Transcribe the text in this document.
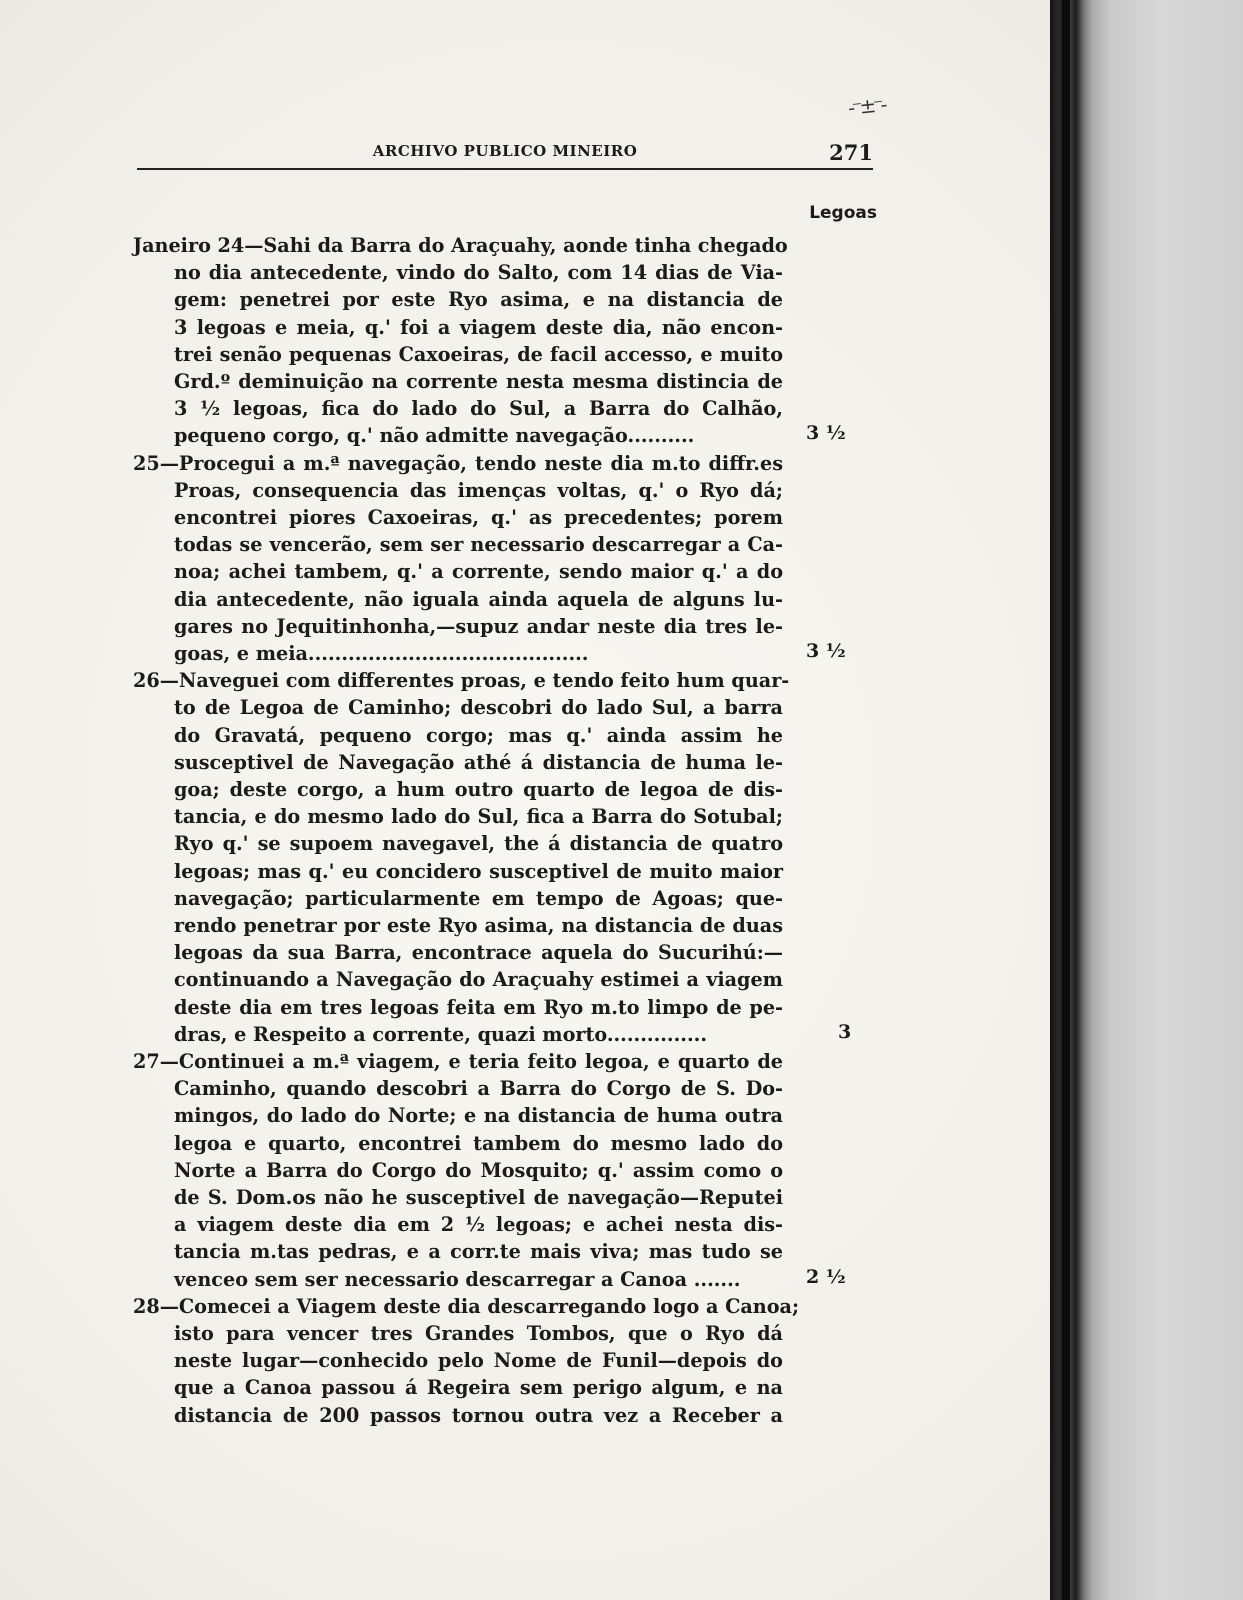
-⁻±⁻-
ARCHIVO PUBLICO MINEIRO	271
Legoas
Janeiro 24—Sahi da Barra do Araçuahy, aonde tinha chegado
no dia antecedente, vindo do Salto, com 14 dias de Via-
gem: penetrei por este Ryo asima, e na distancia de
3 legoas e meia, q.' foi a viagem deste dia, não encon-
trei senão pequenas Caxoeiras, de facil accesso, e muito
Grd.º deminuição na corrente nesta mesma distincia de
3 ½ legoas, fica do lado do Sul, a Barra do Calhão,
pequeno corgo, q.' não admitte navegação..........	3 ½
25—Procegui a m.ª navegação, tendo neste dia m.to diffr.es
Proas, consequencia das imenças voltas, q.' o Ryo dá;
encontrei piores Caxoeiras, q.' as precedentes; porem
todas se vencerão, sem ser necessario descarregar a Ca-
noa; achei tambem, q.' a corrente, sendo maior q.' a do
dia antecedente, não iguala ainda aquela de alguns lu-
gares no Jequitinhonha,—supuz andar neste dia tres le-
goas, e meia..........................................	3 ½
26—Naveguei com differentes proas, e tendo feito hum quar-
to de Legoa de Caminho; descobri do lado Sul, a barra
do Gravatá, pequeno corgo; mas q.' ainda assim he
susceptivel de Navegação athé á distancia de huma le-
goa; deste corgo, a hum outro quarto de legoa de dis-
tancia, e do mesmo lado do Sul, fica a Barra do Sotubal;
Ryo q.' se supoem navegavel, the á distancia de quatro
legoas; mas q.' eu concidero susceptivel de muito maior
navegação; particularmente em tempo de Agoas; que-
rendo penetrar por este Ryo asima, na distancia de duas
legoas da sua Barra, encontrace aquela do Sucurihú:—
continuando a Navegação do Araçuahy estimei a viagem
deste dia em tres legoas feita em Ryo m.to limpo de pe-
dras, e Respeito a corrente, quazi morto...............	3
27—Continuei a m.ª viagem, e teria feito legoa, e quarto de
Caminho, quando descobri a Barra do Corgo de S. Do-
mingos, do lado do Norte; e na distancia de huma outra
legoa e quarto, encontrei tambem do mesmo lado do
Norte a Barra do Corgo do Mosquito; q.' assim como o
de S. Dom.os não he susceptivel de navegação—Reputei
a viagem deste dia em 2 ½ legoas; e achei nesta dis-
tancia m.tas pedras, e a corr.te mais viva; mas tudo se
venceo sem ser necessario descarregar a Canoa .......	2 ½
28—Comecei a Viagem deste dia descarregando logo a Canoa;
isto para vencer tres Grandes Tombos, que o Ryo dá
neste lugar—conhecido pelo Nome de Funil—depois do
que a Canoa passou á Regeira sem perigo algum, e na
distancia de 200 passos tornou outra vez a Receber a
